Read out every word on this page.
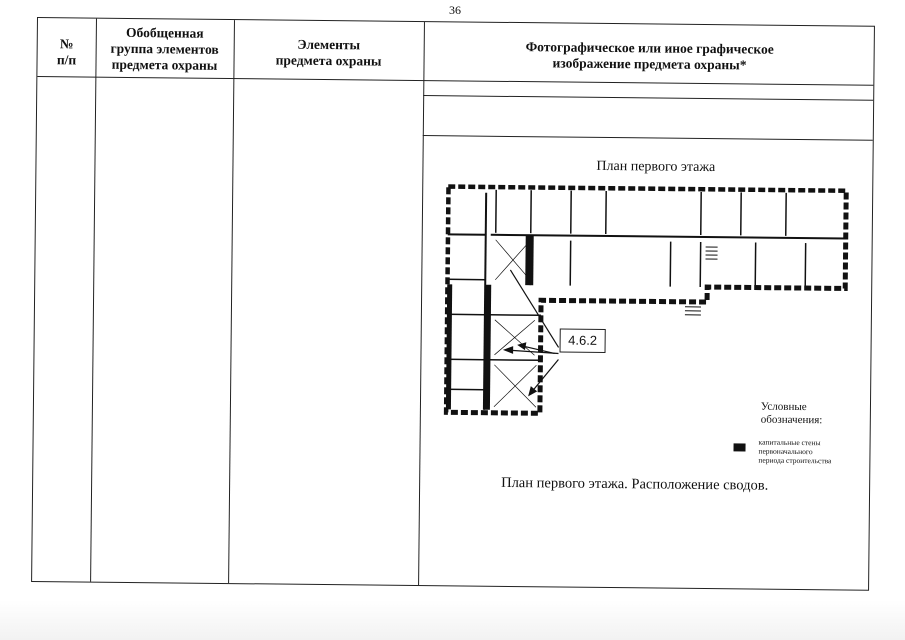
36
№
п/п
Обобщенная
группа элементов
предмета охраны
Элементы
предмета охраны
Фотографическое или иное графическое
изображение предмета охраны*
План первого этажа
4.6.2
Условные
обозначения:
капитальные стены
первоначального
периода строительства
План первого этажа. Расположение сводов.
